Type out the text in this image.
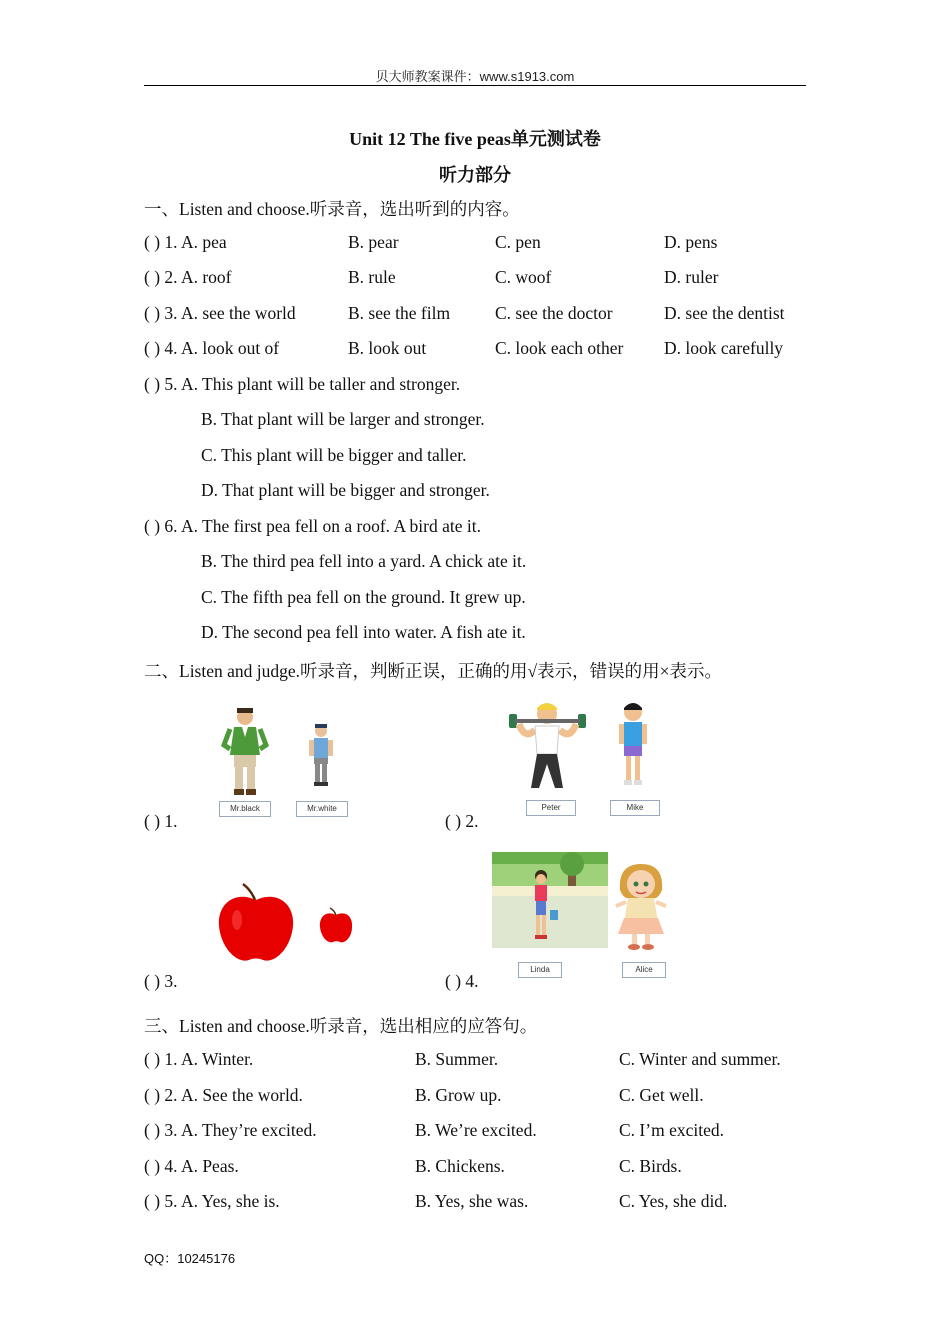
贝大师教案课件：www.s1913.com
Unit 12 The five peas单元测试卷
听力部分
一、Listen and choose.听录音，选出听到的内容。
( ) 1. A. pea	B. pear	C. pen	D. pens
( ) 2. A. roof	B. rule	C. woof	D. ruler
( ) 3. A. see the world	B. see the film	C. see the doctor	D. see the dentist
( ) 4. A. look out of	B. look out	C. look each other D. look carefully
( ) 5. A. This plant will be taller and stronger.
B. That plant will be larger and stronger.
C. This plant will be bigger and taller.
D. That plant will be bigger and stronger.
( ) 6. A. The first pea fell on a roof. A bird ate it.
B. The third pea fell into a yard. A chick ate it.
C. The fifth pea fell on the ground. It grew up.
D. The second pea fell into water. A fish ate it.
二、Listen and judge.听录音，判断正误，正确的用√表示，错误的用×表示。
( ) 1.
Mr.black	Mr.white
( ) 2.
Peter	Mike
( ) 3.	( ) 4.
Linda	Alice
三、Listen and choose.听录音，选出相应的应答句。
( ) 1. A. Winter.	B. Summer.	C. Winter and summer.
( ) 2. A. See the world.	B. Grow up.	C. Get well.
( ) 3. A. They’re excited.	B. We’re excited.	C. I’m excited.
( ) 4. A. Peas.	B. Chickens.	C. Birds.
( ) 5. A. Yes, she is.	B. Yes, she was.	C. Yes, she did.
QQ：10245176
